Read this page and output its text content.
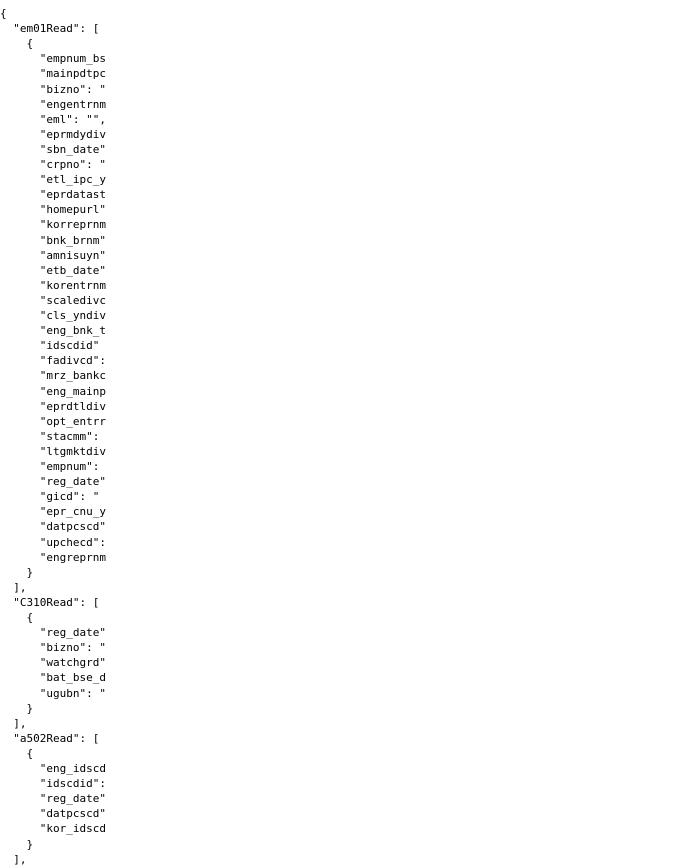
{
"em01Read": [
{
"empnum_bs
"mainpdtpc
"bizno": "
"engentrnm
"eml": "",
"eprmdydiv
"sbn_date"
"crpno": "
"etl_ipc_y
"eprdatast
"homepurl"
"korreprnm
"bnk_brnm"
"amnisuyn"
"etb_date"
"korentrnm
"scaledivc
"cls_yndiv
"eng_bnk_t
"idscdid"
"fadivcd":
"mrz_bankc
"eng_mainp
"eprdtldiv
"opt_entrr
"stacmm":
"ltgmktdiv
"empnum":
"reg_date"
"gicd": "
"epr_cnu_y
"datpcscd"
"upchecd":
"engreprnm
}
],
"C310Read": [
{
"reg_date"
"bizno": "
"watchgrd"
"bat_bse_d
"ugubn": "
}
],
"a502Read": [
{
"eng_idscd
"idscdid":
"reg_date"
"datpcscd"
"kor_idscd
}
],
